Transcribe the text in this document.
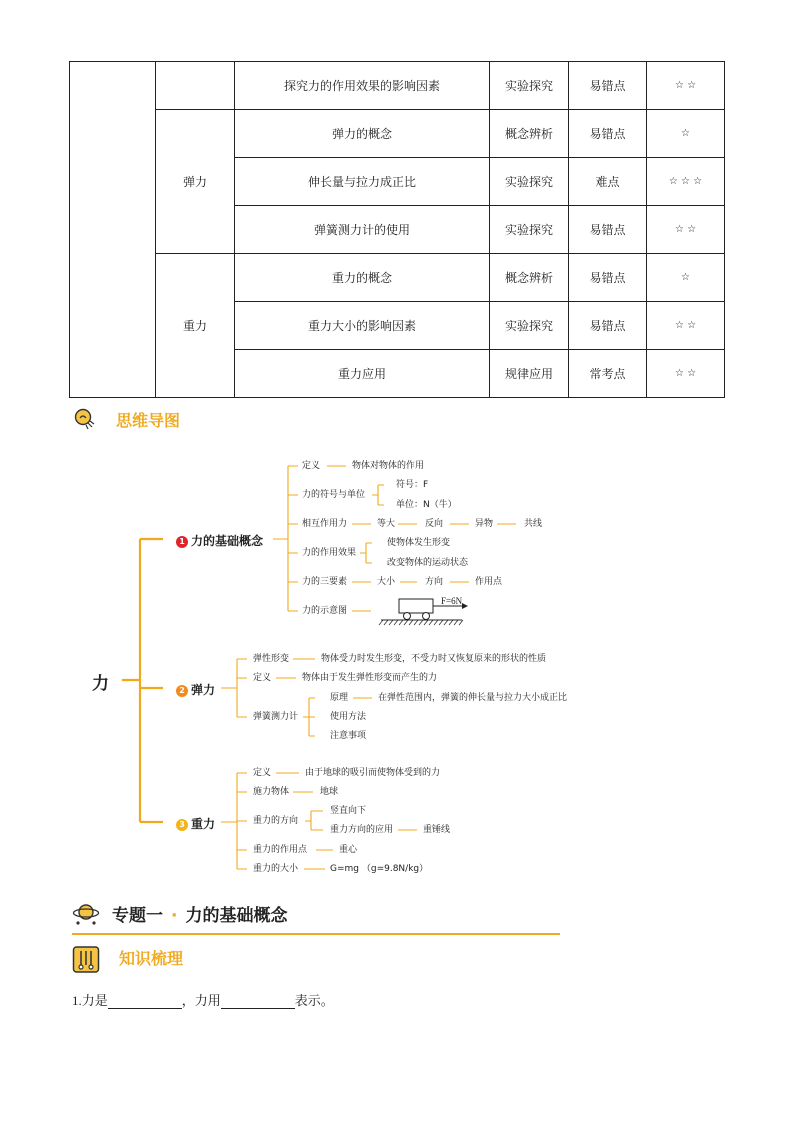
		探究力的作用效果的影响因素	实验探究	易错点	☆ ☆
	弹力	弹力的概念	概念辨析	易错点	☆
		伸长量与拉力成正比	实验探究	难点	☆ ☆ ☆
		弹簧测力计的使用	实验探究	易错点	☆ ☆
	重力	重力的概念	概念辨析	易错点	☆
		重力大小的影响因素	实验探究	易错点	☆ ☆
		重力应用	规律应用	常考点	☆ ☆
思维导图
力
1 力的基础概念
定义	物体对物体的作用
力的符号与单位
符号：F
单位：N（牛）
相互作用力	等大	反向	异物	共线
力的作用效果
使物体发生形变
改变物体的运动状态
力的三要素	大小	方向	作用点
力的示意图
F=6N
2 弹力
弹性形变	物体受力时发生形变，不受力时又恢复原来的形状的性质
定义	物体由于发生弹性形变而产生的力
弹簧测力计
原理	在弹性范围内，弹簧的伸长量与拉力大小成正比
使用方法
注意事项
3 重力
定义	由于地球的吸引而使物体受到的力
施力物体	地球
重力的方向
竖直向下
重力方向的应用	重锤线
重力的作用点	重心
重力的大小	G=mg （g=9.8N/kg）
专题一 · 力的基础概念
知识梳理
1.力是	，力用	表示。
